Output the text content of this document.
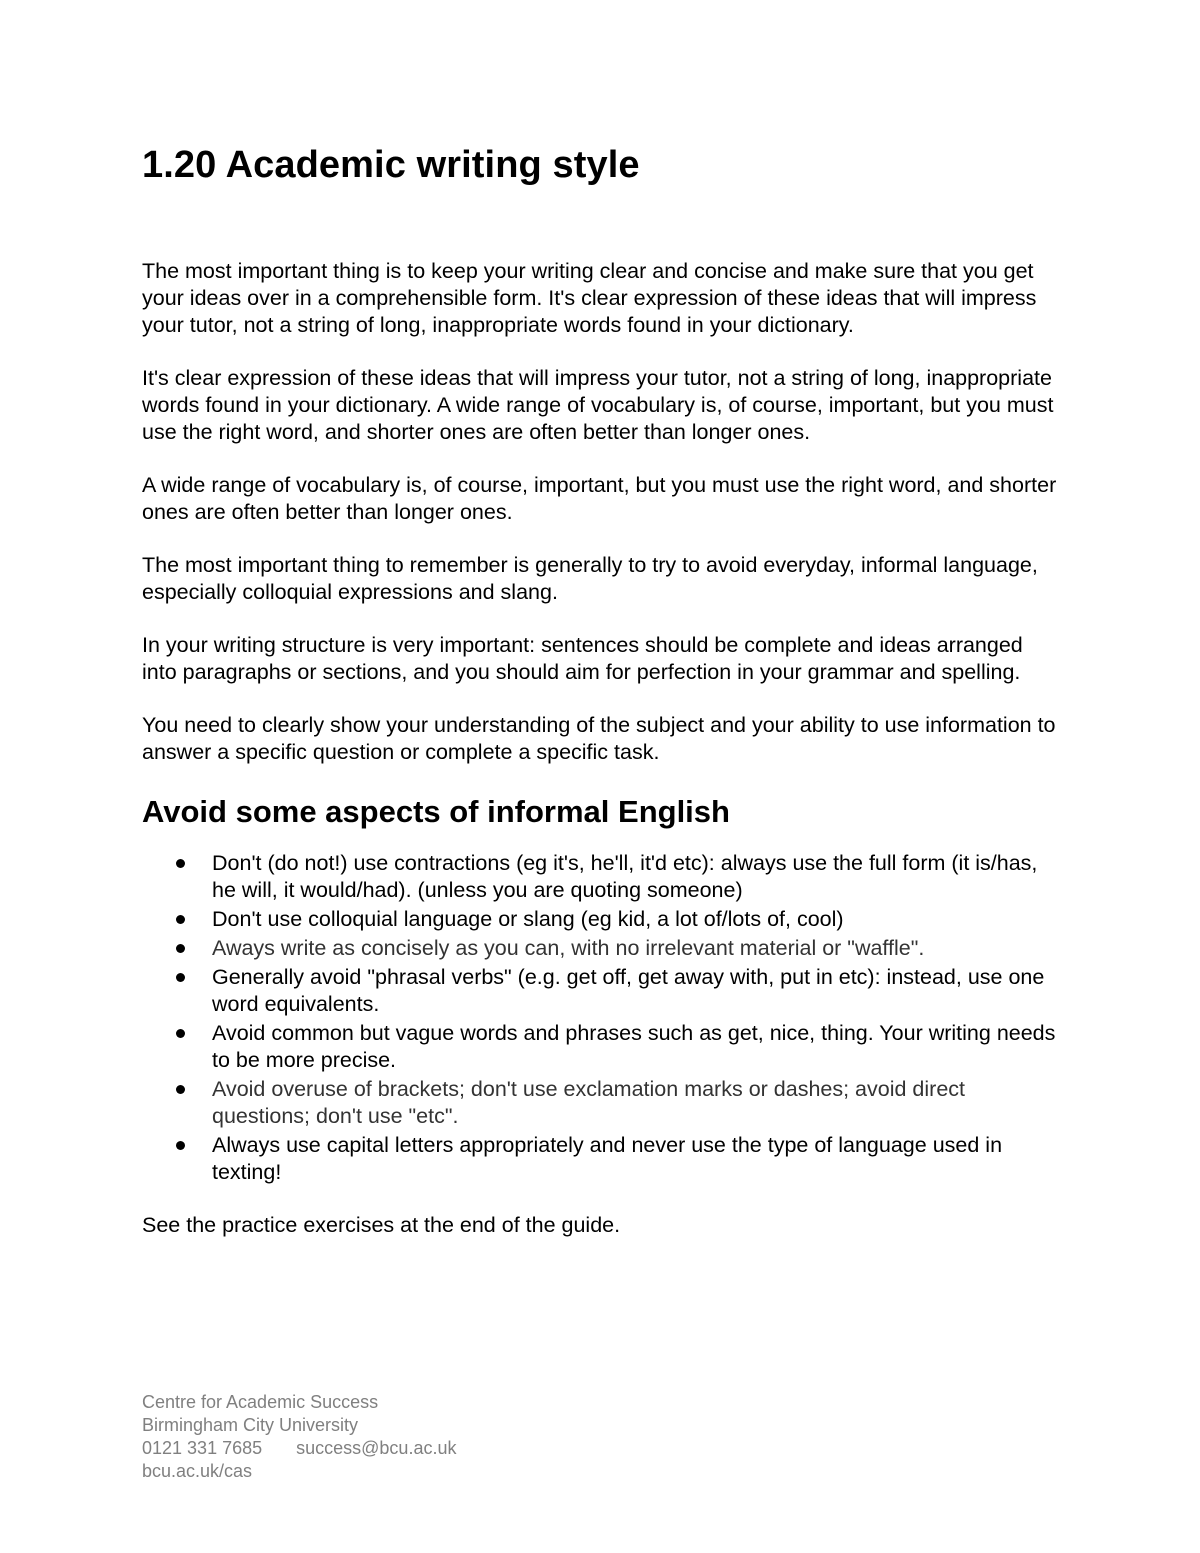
1.20 Academic writing style

The most important thing is to keep your writing clear and concise and make sure that you get your ideas over in a comprehensible form. It's clear expression of these ideas that will impress your tutor, not a string of long, inappropriate words found in your dictionary.

It's clear expression of these ideas that will impress your tutor, not a string of long, inappropriate words found in your dictionary. A wide range of vocabulary is, of course, important, but you must use the right word, and shorter ones are often better than longer ones.

A wide range of vocabulary is, of course, important, but you must use the right word, and shorter ones are often better than longer ones.

The most important thing to remember is generally to try to avoid everyday, informal language, especially colloquial expressions and slang.

In your writing structure is very important: sentences should be complete and ideas arranged into paragraphs or sections, and you should aim for perfection in your grammar and spelling.

You need to clearly show your understanding of the subject and your ability to use information to answer a specific question or complete a specific task.

Avoid some aspects of informal English
Don't (do not!) use contractions (eg it's, he'll, it'd etc): always use the full form (it is/has, he will, it would/had). (unless you are quoting someone)
Don't use colloquial language or slang (eg kid, a lot of/lots of, cool)
Aways write as concisely as you can, with no irrelevant material or "waffle".
Generally avoid "phrasal verbs" (e.g. get off, get away with, put in etc): instead, use one word equivalents.
Avoid common but vague words and phrases such as get, nice, thing. Your writing needs to be more precise.
Avoid overuse of brackets; don't use exclamation marks or dashes; avoid direct questions; don't use "etc".
Always use capital letters appropriately and never use the type of language used in texting!

See the practice exercises at the end of the guide.

Centre for Academic Success
Birmingham City University
0121 331 7685 success@bcu.ac.uk
bcu.ac.uk/cas
